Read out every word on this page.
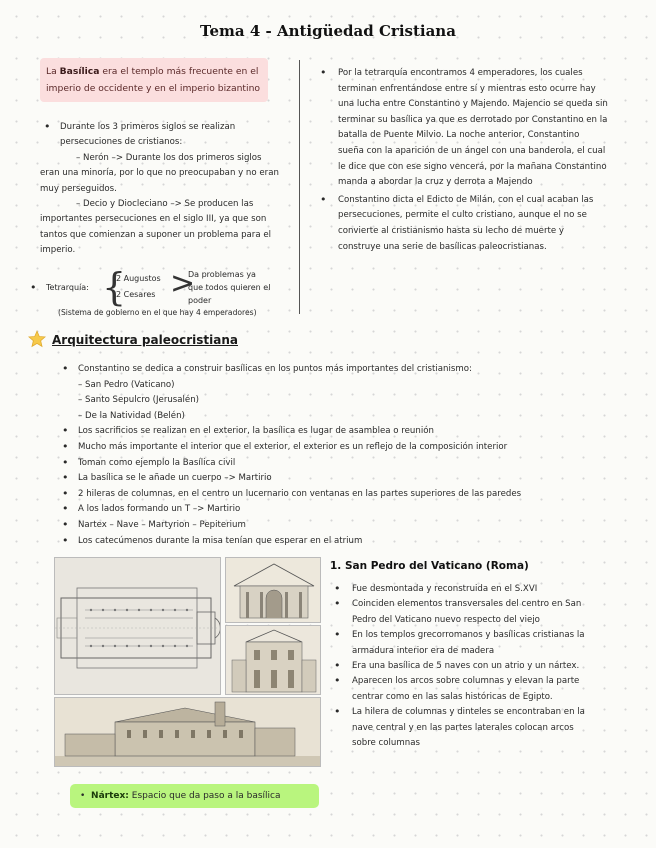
Tema 4 - Antigüedad Cristiana
La Basílica era el templo más frecuente en el imperio de occidente y en el imperio bizantino
• Durante los 3 primeros siglos se realizan persecuciones de cristianos:
– Nerón –> Durante los dos primeros siglos eran una minoría, por lo que no preocupaban y no eran muy perseguidos.
– Decio y Diocleciano –> Se producen las importantes persecuciones en el siglo III, ya que son tantos que comienzan a suponer un problema para el imperio.
• Tetrarquía: {
2 Augustos
2 Cesares >
Da problemas ya que todos quieren el poder
(Sistema de gobierno en el que hay 4 emperadores)
• Por la tetrarquía encontramos 4 emperadores, los cuales terminan enfrentándose entre sí y mientras esto ocurre hay una lucha entre Constantino y Majendo. Majencio se queda sin terminar su basílica ya que es derrotado por Constantino en la batalla de Puente Milvio. La noche anterior, Constantino sueña con la aparición de un ángel con una banderola, el cual le dice que con ese signo vencerá, por la mañana Constantino manda a abordar la cruz y derrota a Majendo
• Constantino dicta el Edicto de Milán, con el cual acaban las persecuciones, permite el culto cristiano, aunque el no se convierte al cristianismo hasta su lecho de muerte y construye una serie de basílicas paleocristianas.
Arquitectura paleocristiana
• Constantino se dedica a construir basílicas en los puntos más importantes del cristianismo:
– San Pedro (Vaticano)
– Santo Sepulcro (Jerusalén)
– De la Natividad (Belén)
• Los sacrificios se realizan en el exterior, la basílica es lugar de asamblea o reunión
• Mucho más importante el interior que el exterior, el exterior es un reflejo de la composición interior
• Toman como ejemplo la Basílica civil
• La basílica se le añade un cuerpo –> Martirio
• 2 hileras de columnas, en el centro un lucernario con ventanas en las partes superiores de las paredes
• A los lados formando un T –> Martirio
• Nartex – Nave – Martyrion – Pepiterium
• Los catecúmenos durante la misa tenían que esperar en el atrium
1. San Pedro del Vaticano (Roma)
• Fue desmontada y reconstruida en el S.XVI
• Coinciden elementos transversales del centro en San Pedro del Vaticano nuevo respecto del viejo
• En los templos grecorromanos y basílicas cristianas la armadura interior era de madera
• Era una basílica de 5 naves con un atrio y un nártex.
• Aparecen los arcos sobre columnas y elevan la parte centrar como en las salas históricas de Egipto.
• La hilera de columnas y dinteles se encontraban en la nave central y en las partes laterales colocan arcos sobre columnas
•  Nártex: Espacio que da paso a la basílica
